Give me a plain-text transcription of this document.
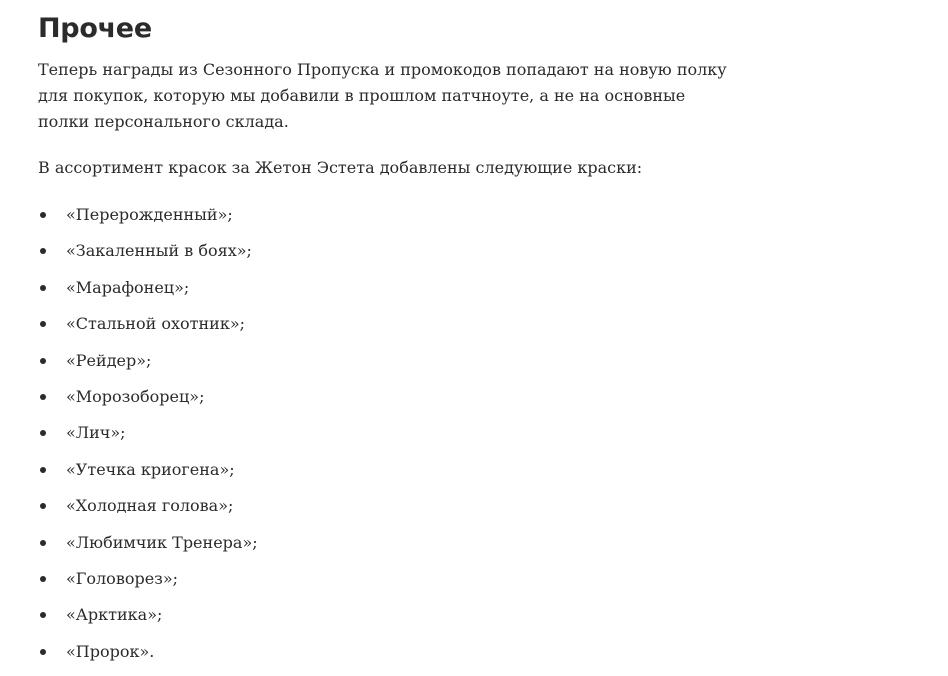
Прочее

Теперь награды из Сезонного Пропуска и промокодов попадают на новую полку
для покупок, которую мы добавили в прошлом патчноуте, а не на основные
полки персонального склада.

В ассортимент красок за Жетон Эстета добавлены следующие краски:

«Перерожденный»;
«Закаленный в боях»;
«Марафонец»;
«Стальной охотник»;
«Рейдер»;
«Морозоборец»;
«Лич»;
«Утечка криогена»;
«Холодная голова»;
«Любимчик Тренера»;
«Головорез»;
«Арктика»;
«Пророк».
